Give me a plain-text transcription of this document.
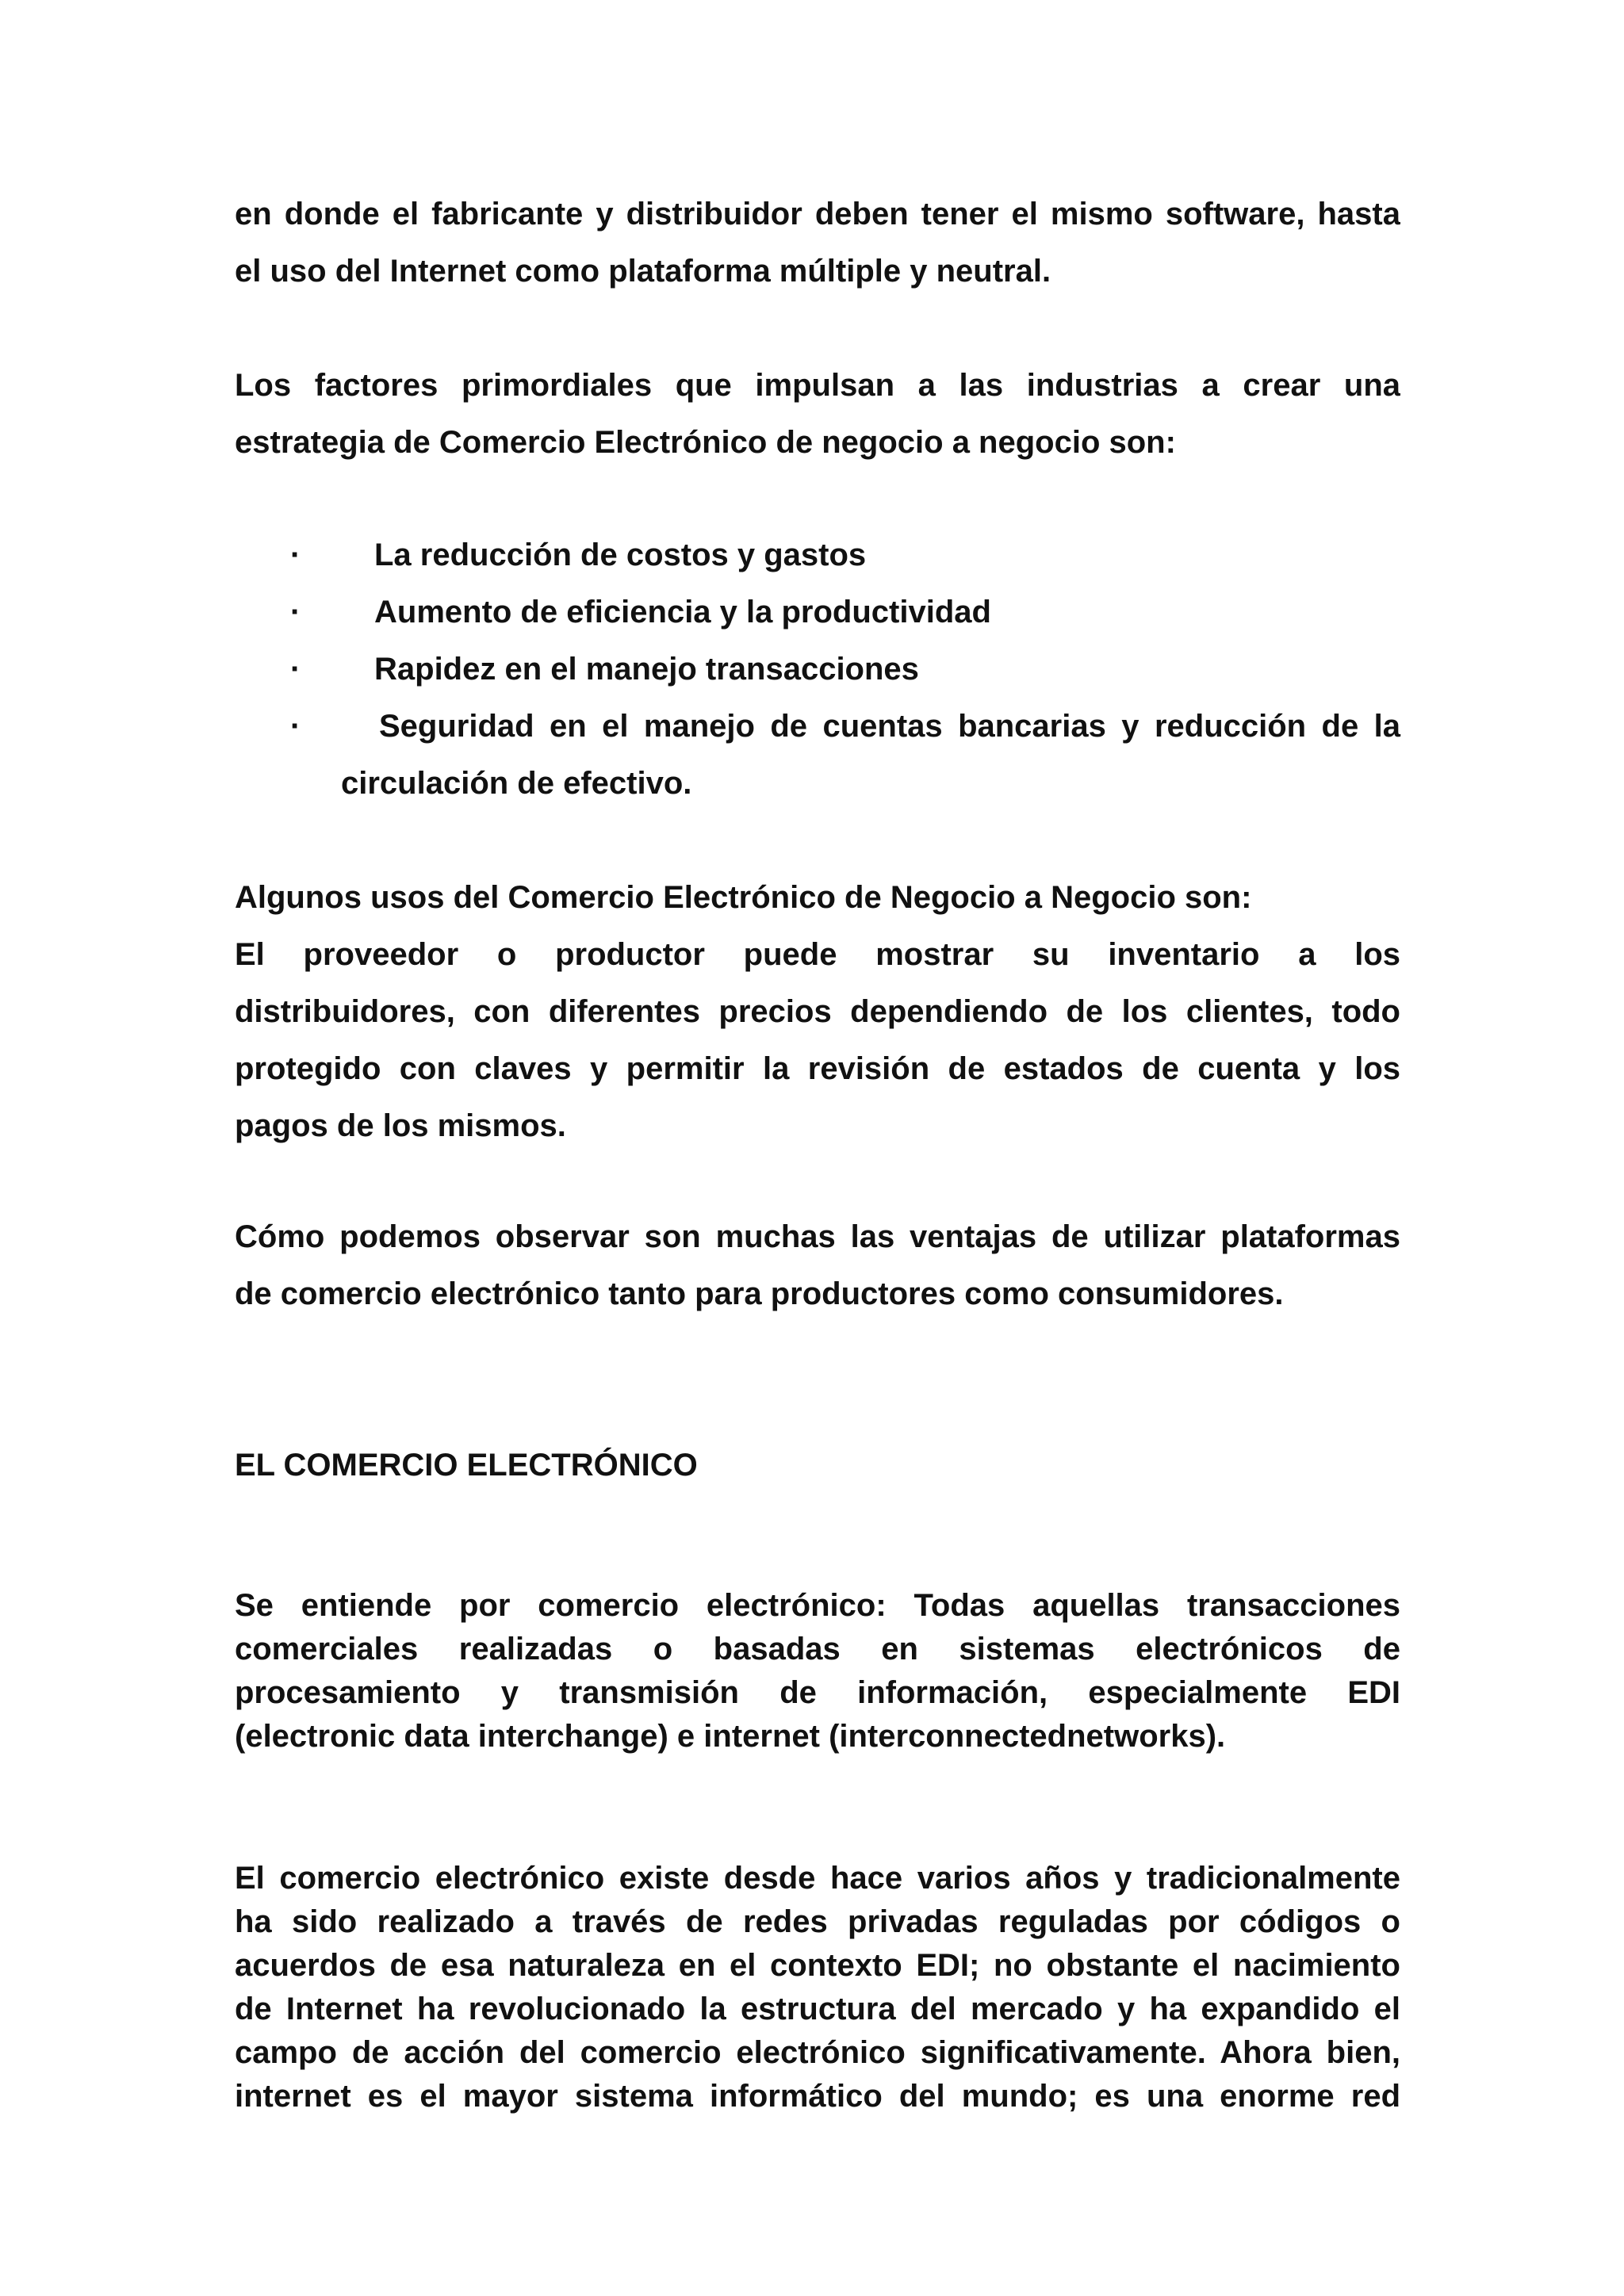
en donde el fabricante y distribuidor deben tener el mismo software, hasta
el uso del Internet como plataforma múltiple y neutral.
Los factores primordiales que impulsan a las industrias a crear una
estrategia de Comercio Electrónico de negocio a negocio son:
· La reducción de costos y gastos
· Aumento de eficiencia y la productividad
· Rapidez en el manejo transacciones
· Seguridad en el manejo de cuentas bancarias y reducción de la
circulación de efectivo.
Algunos usos del Comercio Electrónico de Negocio a Negocio son:
El proveedor o productor puede mostrar su inventario a los
distribuidores, con diferentes precios dependiendo de los clientes, todo
protegido con claves y permitir la revisión de estados de cuenta y los
pagos de los mismos.
Cómo podemos observar son muchas las ventajas de utilizar plataformas
de comercio electrónico tanto para productores como consumidores.
EL COMERCIO ELECTRÓNICO
Se entiende por comercio electrónico: Todas aquellas transacciones
comerciales realizadas o basadas en sistemas electrónicos de
procesamiento y transmisión de información, especialmente EDI
(electronic data interchange) e internet (interconnectednetworks).
El comercio electrónico existe desde hace varios años y tradicionalmente
ha sido realizado a través de redes privadas reguladas por códigos o
acuerdos de esa naturaleza en el contexto EDI; no obstante el nacimiento
de Internet ha revolucionado la estructura del mercado y ha expandido el
campo de acción del comercio electrónico significativamente. Ahora bien,
internet es el mayor sistema informático del mundo; es una enorme red
